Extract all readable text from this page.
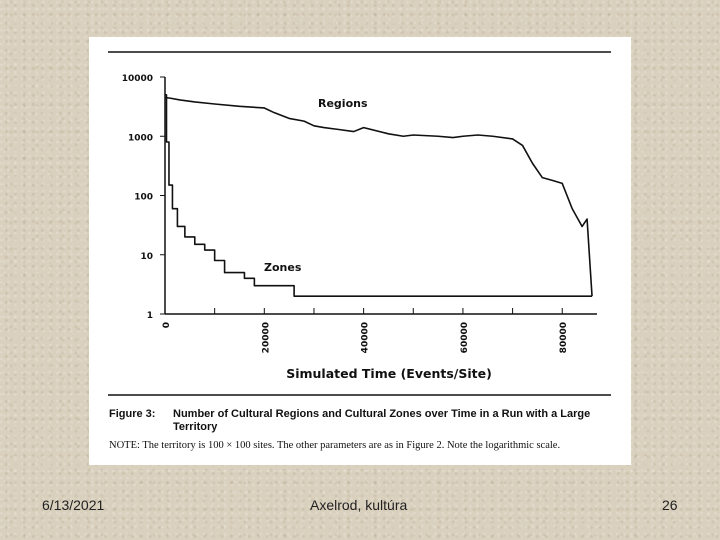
10000
1000
100
10
1
0	20000	40000	60000	80000
Regions
Zones
Simulated Time (Events/Site)
Figure 3: Number of Cultural Regions and Cultural Zones over Time in a Run with a Large Territory
NOTE: The territory is 100 × 100 sites. The other parameters are as in Figure 2. Note the logarithmic scale.
6/13/2021	Axelrod, kultúra	26
